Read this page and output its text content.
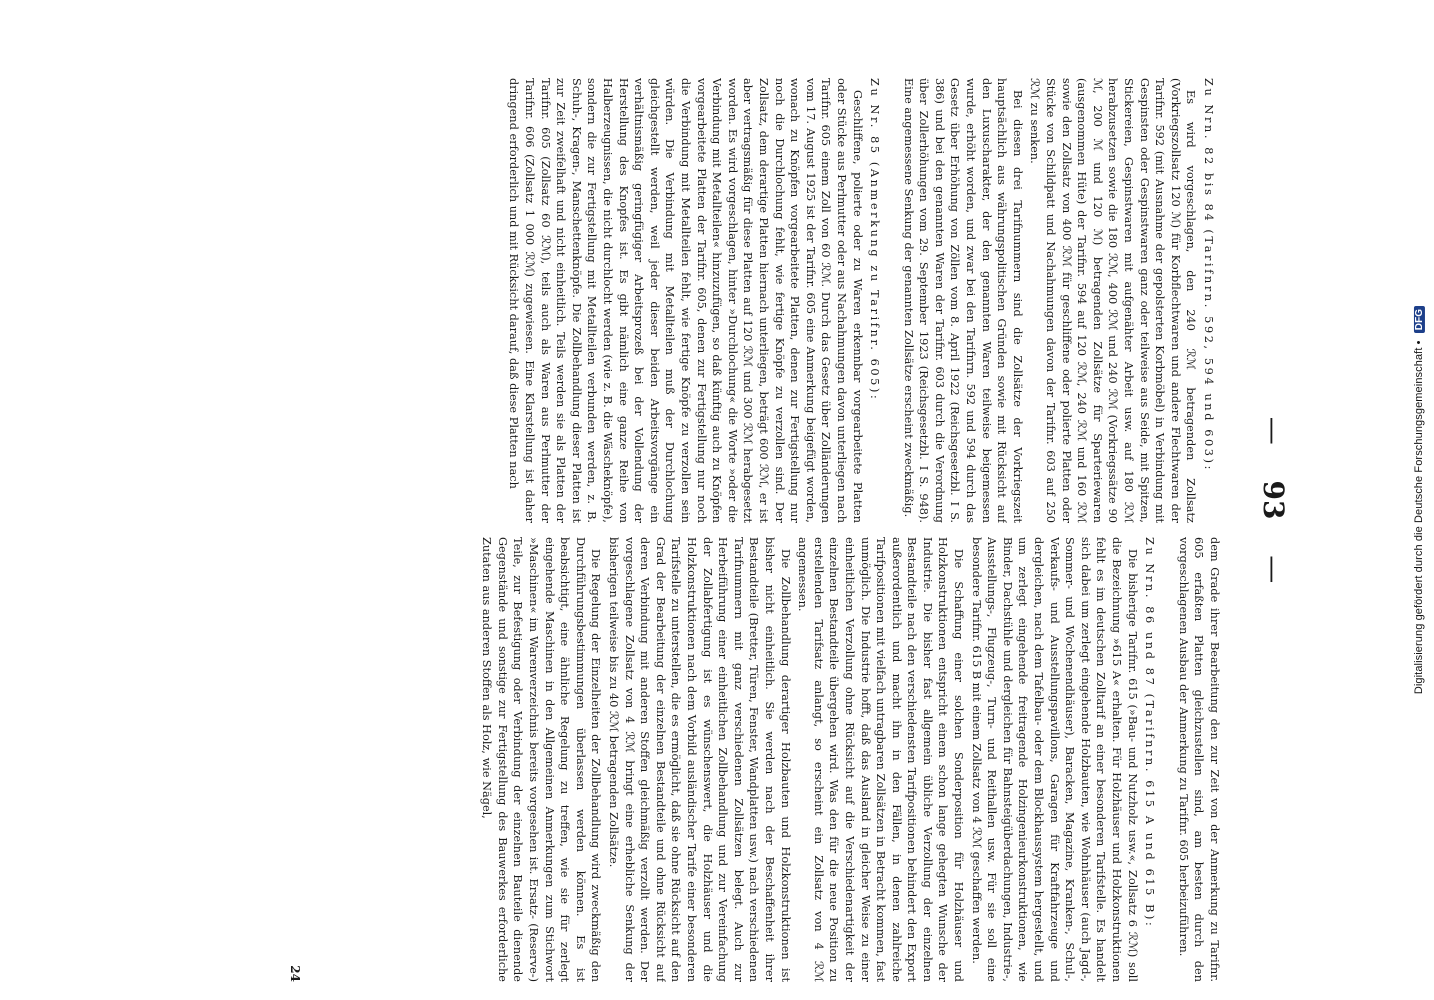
— 93 —

Zu Nrn. 82 bis 84 (Tarifnrn. 592, 594 und 603):

Es wird vorgeschlagen, den 240 ℛℳ betragenden Zollsatz (Vorkriegszollsatz 120 ℳ) für Korbflechtwaren und andere Flechtwaren der Tarifnr. 592 (mit Ausnahme der gepolsterten Korbmöbel) in Verbindung mit Gespinsten oder Gespinstwaren ganz oder teilweise aus Seide, mit Spitzen, Stickereien, Gespinstwaren mit aufgenähter Arbeit usw. auf 180 ℛℳ herabzusetzen sowie die 180 ℛℳ, 400 ℛℳ und 240 ℛℳ (Vorkriegssätze 90 ℳ, 200 ℳ und 120 ℳ) betragenden Zollsätze für Sparteriewaren (ausgenommen Hüte) der Tarifnr. 594 auf 120 ℛℳ, 240 ℛℳ und 160 ℛℳ sowie den Zollsatz von 400 ℛℳ für geschliffene oder polierte Platten oder Stücke von Schildpatt und Nachahmungen davon der Tarifnr. 603 auf 250 ℛℳ zu senken.

Bei diesen drei Tarifnummern sind die Zollsätze der Vorkriegszeit hauptsächlich aus währungspolitischen Gründen sowie mit Rücksicht auf den Luxuscharakter, der den genannten Waren teilweise beigemessen wurde, erhöht worden, und zwar bei den Tarifnrn. 592 und 594 durch das Gesetz über Erhöhung von Zöllen vom 8. April 1922 (Reichsgesetzbl. I S. 386) und bei den genannten Waren der Tarifnr. 603 durch die Verordnung über Zollerhöhungen vom 29. September 1923 (Reichsgesetzbl. I S. 948). Eine angemessene Senkung der genannten Zollsätze erscheint zweckmäßig.

Zu Nr. 85 (Anmerkung zu Tarifnr. 605):

Geschliffene, polierte oder zu Waren erkennbar vorgearbeitete Platten oder Stücke aus Perlmutter oder aus Nachahmungen davon unterliegen nach Tarifnr. 605 einem Zoll von 60 ℛℳ. Durch das Gesetz über Zolländerungen vom 17. August 1925 ist der Tarifnr. 605 eine Anmerkung beigefügt worden, wonach zu Knöpfen vorgearbeitete Platten, denen zur Fertigstellung nur noch die Durchlochung fehlt, wie fertige Knöpfe zu verzollen sind. Der Zollsatz, dem derartige Platten hiernach unterliegen, beträgt 600 ℛℳ, er ist aber vertragsmäßig für diese Platten auf 120 ℛℳ und 300 ℛℳ herabgesetzt worden. Es wird vorgeschlagen, hinter »Durchlochung« die Worte »oder die Verbindung mit Metallteilen« hinzuzufügen, so daß künftig auch zu Knöpfen vorgearbeitete Platten der Tarifnr. 605, denen zur Fertigstellung nur noch die Verbindung mit Metallteilen fehlt, wie fertige Knöpfe zu verzollen sein würden. Die Verbindung mit Metallteilen muß der Durchlochung gleichgestellt werden, weil jeder dieser beiden Arbeitsvorgänge ein verhältnismäßig geringfügiger Arbeitsprozeß bei der Vollendung der Herstellung des Knopfes ist. Es gibt nämlich eine ganze Reihe von Halberzeugnissen, die nicht durchlocht werden (wie z. B. die Wäscheknöpfe), sondern die zur Fertigstellung mit Metallteilen verbunden werden, z. B. Schuh-, Kragen-, Manschettenknöpfe. Die Zollbehandlung dieser Platten ist zur Zeit zweifelhaft und nicht einheitlich. Teils werden sie als Platten der Tarifnr. 605 (Zollsatz 60 ℛℳ), teils auch als Waren aus Perlmutter der Tarifnr. 606 (Zollsatz 1 000 ℛℳ) zugewiesen. Eine Klarstellung ist daher dringend erforderlich und mit Rücksicht darauf, daß diese Platten nach

dem Grade ihrer Bearbeitung den zur Zeit von der Anmerkung zu Tarifnr. 605 erfaßten Platten gleichzustellen sind, am besten durch den vorgeschlagenen Ausbau der Anmerkung zu Tarifnr. 605 herbeizuführen.

Zu Nrn. 86 und 87 (Tarifnrn. 615 A und 615 B):

Die bisherige Tarifnr. 615 (»Bau- und Nutzholz usw.«, Zollsatz 6 ℛℳ) soll die Bezeichnung »615 A« erhalten. Für Holzhäuser und Holzkonstruktionen fehlt es im deutschen Zolltarif an einer besonderen Tarifstelle. Es handelt sich dabei um zerlegt eingehende Holzbauten, wie Wohnhäuser (auch Jagd-, Sommer- und Wochenendhäuser), Baracken, Magazine, Kranken-, Schul-, Verkaufs- und Ausstellungspavillons, Garagen für Kraftfahrzeuge und dergleichen, nach dem Tafelbau- oder dem Blockhaussystem hergestellt, und um zerlegt eingehende freitragende Holzingenieurkonstruktionen, wie Binder, Dachstühle und dergleichen für Bahnsteigüberdachungen, Industrie-, Ausstellungs-, Flugzeug-, Turn- und Reithallen usw. Für sie soll eine besondere Tarifnr. 615 B mit einem Zollsatz von 4 ℛℳ geschaffen werden.

Die Schaffung einer solchen Sonderposition für Holzhäuser und Holzkonstruktionen entspricht einem schon lange gehegten Wunsche der Industrie. Die bisher fast allgemein übliche Verzollung der einzelnen Bestandteile nach den verschiedensten Tarifpositionen behindert den Export außerordentlich und macht ihn in den Fällen, in denen zahlreiche Tarifpositionen mit vielfach untragbaren Zollsätzen in Betracht kommen, fast unmöglich. Die Industrie hofft, daß das Ausland in gleicher Weise zu einer einheitlichen Verzollung ohne Rücksicht auf die Verschiedenartigkeit der einzelnen Bestandteile übergehen wird. Was den für die neue Position zu erstellenden Tarifsatz anlangt, so erscheint ein Zollsatz von 4 ℛℳ angemessen.

Die Zollbehandlung derartiger Holzbauten und Holzkonstruktionen ist bisher nicht einheitlich. Sie werden nach der Beschaffenheit ihrer Bestandteile (Bretter, Türen, Fenster, Wandplatten usw.) nach verschiedenen Tarifnummern mit ganz verschiedenen Zollsätzen belegt. Auch zur Herbeiführung einer einheitlichen Zollbehandlung und zur Vereinfachung der Zollabfertigung ist es wünschenswert, die Holzhäuser und die Holzkonstruktionen nach dem Vorbild ausländischer Tarife einer besonderen Tarifstelle zu unterstellen, die es ermöglicht, daß sie ohne Rücksicht auf den Grad der Bearbeitung der einzelnen Bestandteile und ohne Rücksicht auf deren Verbindung mit anderen Stoffen gleichmäßig verzollt werden. Der vorgeschlagene Zollsatz von 4 ℛℳ bringt eine erhebliche Senkung der bisherigen teilweise bis zu 40 ℛℳ betragenden Zollsätze.

Die Regelung der Einzelheiten der Zollbehandlung wird zweckmäßig den Durchführungsbestimmungen überlassen werden können. Es ist beabsichtigt, eine ähnliche Regelung zu treffen, wie sie für zerlegt eingehende Maschinen in den Allgemeinen Anmerkungen zum Stichwort »Maschinen« im Warenverzeichnis bereits vorgesehen ist. Ersatz- (Reserve-) Teile, zur Befestigung oder Verbindung der einzelnen Bauteile dienende Gegenstände und sonstige zur Fertigstellung des Bauwerkes erforderliche Zutaten aus anderen Stoffen als Holz, wie Nägel,

24
Digitalisierung gefördert durch die Deutsche Forschungsgemeinschaft • DFG
